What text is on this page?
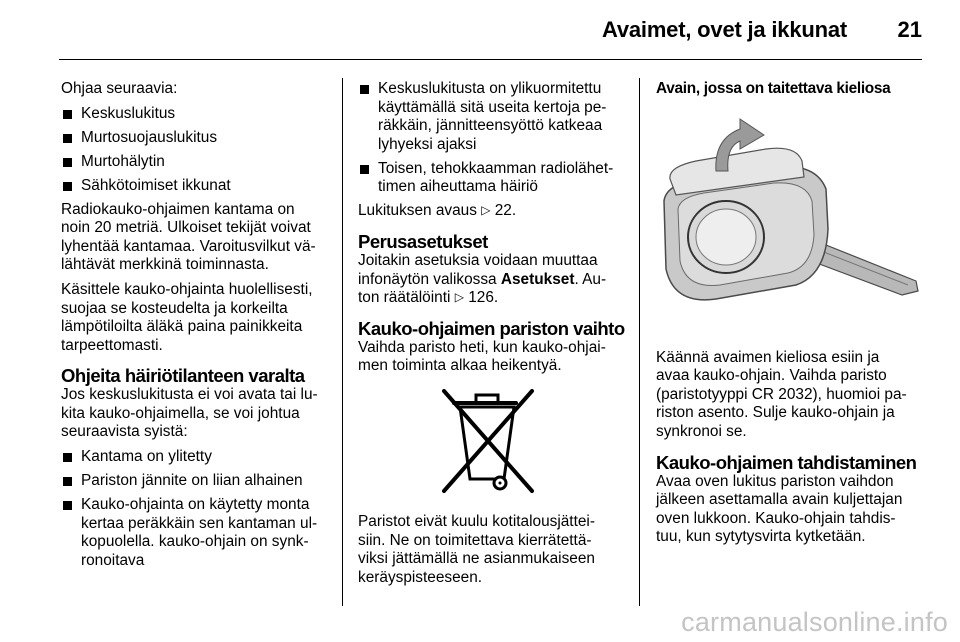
Avaimet, ovet ja ikkunat 21

Ohjaa seuraavia:

Keskuslukitus
Murtosuojauslukitus
Murtohälytin
Sähkötoimiset ikkunat

Radiokauko-ohjaimen kantama on
noin 20 metriä. Ulkoiset tekijät voivat
lyhentää kantamaa. Varoitusvilkut vä-
lähtävät merkkinä toiminnasta.

Käsittele kauko-ohjainta huolellisesti,
suojaa se kosteudelta ja korkeilta
lämpötiloilta äläkä paina painikkeita
tarpeettomasti.

Ohjeita häiriötilanteen varalta

Jos keskuslukitusta ei voi avata tai lu-
kita kauko-ohjaimella, se voi johtua
seuraavista syistä:

Kantama on ylitetty
Pariston jännite on liian alhainen
Kauko-ohjainta on käytetty monta
kertaa peräkkäin sen kantaman ul-
kopuolella. kauko-ohjain on synk-
ronoitava
Keskuslukitusta on ylikuormitettu
käyttämällä sitä useita kertoja pe-
räkkäin, jännitteensyöttö katkeaa
lyhyeksi ajaksi
Toisen, tehokkaamman radiolähet-
timen aiheuttama häiriö

Lukituksen avaus ▷ 22.

Perusasetukset

Joitakin asetuksia voidaan muuttaa
infonäytön valikossa Asetukset. Au-
ton räätälöinti ▷ 126.

Kauko-ohjaimen pariston vaihto

Vaihda paristo heti, kun kauko-ohjai-
men toiminta alkaa heikentyä.

Paristot eivät kuulu kotitalousjättei-
siin. Ne on toimitettava kierrätettä-
viksi jättämällä ne asianmukaiseen
keräyspisteeseen.

Avain, jossa on taitettava kieliosa

Käännä avaimen kieliosa esiin ja
avaa kauko-ohjain. Vaihda paristo
(paristotyyppi CR 2032), huomioi pa-
riston asento. Sulje kauko-ohjain ja
synkronoi se.

Kauko-ohjaimen tahdistaminen

Avaa oven lukitus pariston vaihdon
jälkeen asettamalla avain kuljettajan
oven lukkoon. Kauko-ohjain tahdis-
tuu, kun sytytysvirta kytketään.

carmanualsonline.info
